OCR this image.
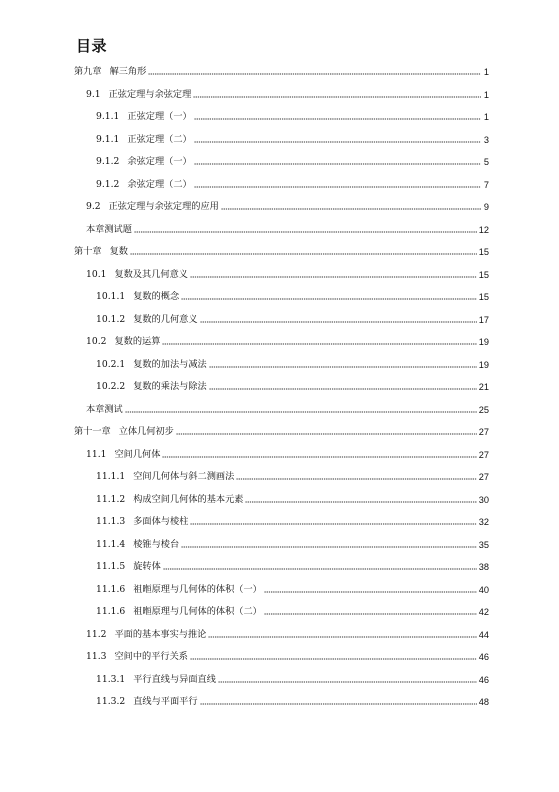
目录
第九章 解三角形	1
9.1 正弦定理与余弦定理	1
9.1.1 正弦定理（一）	1
9.1.1 正弦定理（二）	3
9.1.2 余弦定理（一）	5
9.1.2 余弦定理（二）	7
9.2 正弦定理与余弦定理的应用	9
本章测试题	12
第十章 复数	15
10.1 复数及其几何意义	15
10.1.1 复数的概念	15
10.1.2 复数的几何意义	17
10.2 复数的运算	19
10.2.1 复数的加法与减法	19
10.2.2 复数的乘法与除法	21
本章测试	25
第十一章 立体几何初步	27
11.1 空间几何体	27
11.1.1 空间几何体与斜二测画法	27
11.1.2 构成空间几何体的基本元素	30
11.1.3 多面体与棱柱	32
11.1.4 棱锥与棱台	35
11.1.5 旋转体	38
11.1.6 祖暅原理与几何体的体积（一）	40
11.1.6 祖暅原理与几何体的体积（二）	42
11.2 平面的基本事实与推论	44
11.3 空间中的平行关系	46
11.3.1 平行直线与异面直线	46
11.3.2 直线与平面平行	48
